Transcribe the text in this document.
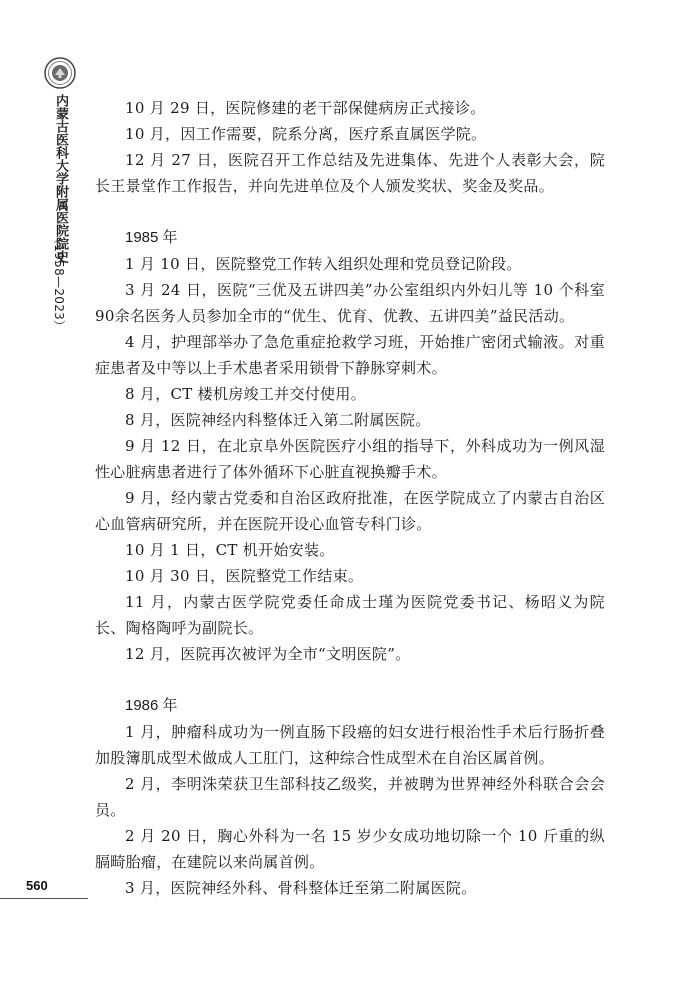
内蒙古医科大学附属医院院史
（1958—2023）
560

10 月 29 日，医院修建的老干部保健病房正式接诊。

10 月，因工作需要，院系分离，医疗系直属医学院。

12 月 27 日，医院召开工作总结及先进集体、先进个人表彰大会，院长王景堂作工作报告，并向先进单位及个人颁发奖状、奖金及奖品。

1985 年

1 月 10 日，医院整党工作转入组织处理和党员登记阶段。

3 月 24 日，医院“三优及五讲四美”办公室组织内外妇儿等 10 个科室90余名医务人员参加全市的“优生、优育、优教、五讲四美”益民活动。

4 月，护理部举办了急危重症抢救学习班，开始推广密闭式输液。对重症患者及中等以上手术患者采用锁骨下静脉穿刺术。

8 月，CT 楼机房竣工并交付使用。

8 月，医院神经内科整体迁入第二附属医院。

9 月 12 日，在北京阜外医院医疗小组的指导下，外科成功为一例风湿性心脏病患者进行了体外循环下心脏直视换瓣手术。

9 月，经内蒙古党委和自治区政府批准，在医学院成立了内蒙古自治区心血管病研究所，并在医院开设心血管专科门诊。

10 月 1 日，CT 机开始安装。

10 月 30 日，医院整党工作结束。

11 月，内蒙古医学院党委任命成士瑾为医院党委书记、杨昭义为院长、陶格陶呼为副院长。

12 月，医院再次被评为全市“文明医院”。

1986 年

1 月，肿瘤科成功为一例直肠下段癌的妇女进行根治性手术后行肠折叠加股簿肌成型术做成人工肛门，这种综合性成型术在自治区属首例。

2 月，李明洙荣获卫生部科技乙级奖，并被聘为世界神经外科联合会会员。

2 月 20 日，胸心外科为一名 15 岁少女成功地切除一个 10 斤重的纵膈畸胎瘤，在建院以来尚属首例。

3 月，医院神经外科、骨科整体迁至第二附属医院。
